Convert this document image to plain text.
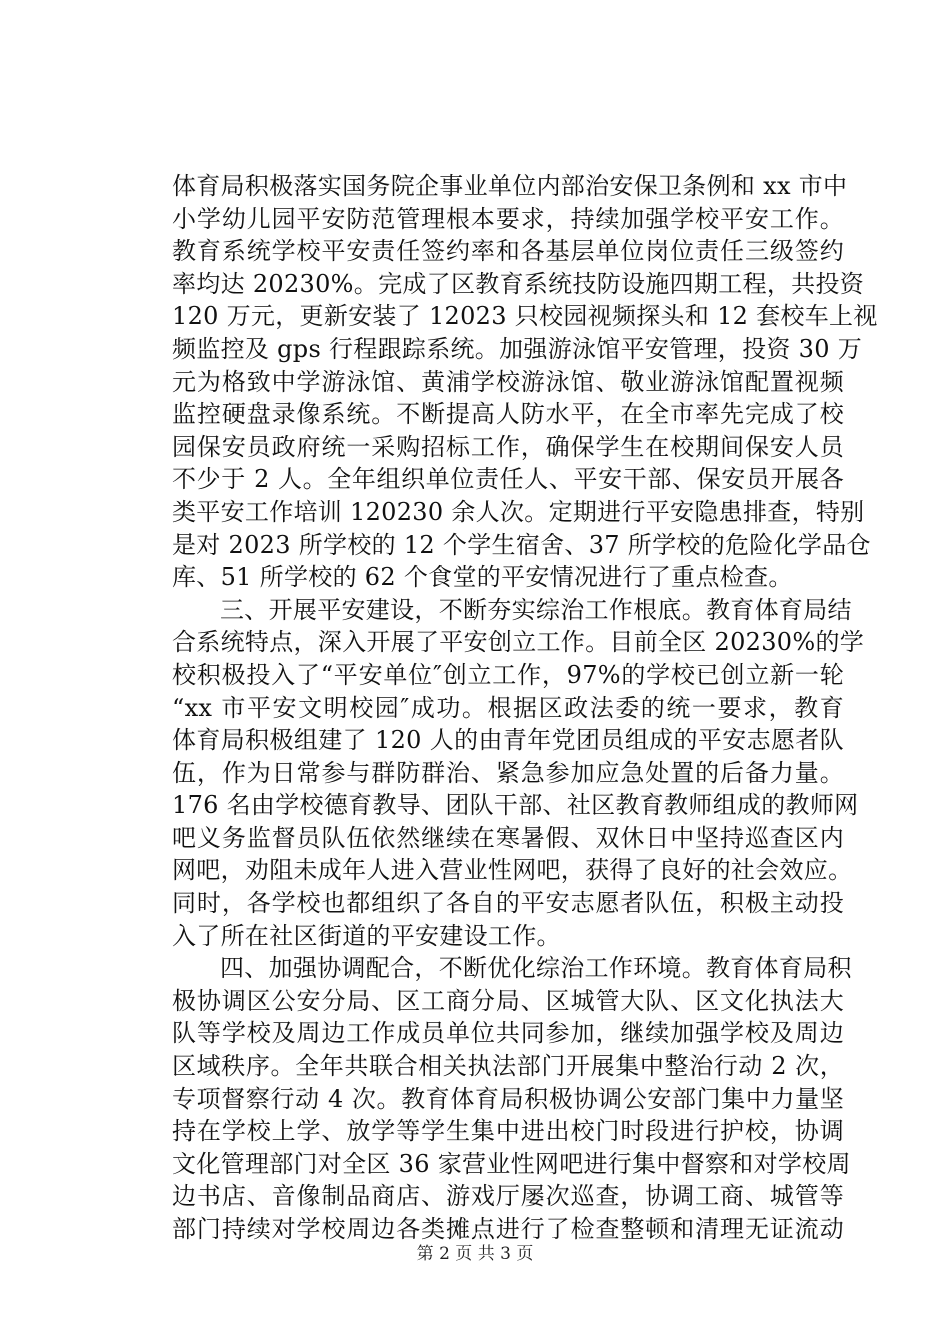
体育局积极落实国务院企事业单位内部治安保卫条例和 xx 市中
小学幼儿园平安防范管理根本要求，持续加强学校平安工作。
教育系统学校平安责任签约率和各基层单位岗位责任三级签约
率均达 20230%。完成了区教育系统技防设施四期工程，共投资
120 万元，更新安装了 12023 只校园视频探头和 12 套校车上视
频监控及 gps 行程跟踪系统。加强游泳馆平安管理，投资 30 万
元为格致中学游泳馆、黄浦学校游泳馆、敬业游泳馆配置视频
监控硬盘录像系统。不断提高人防水平，在全市率先完成了校
园保安员政府统一采购招标工作，确保学生在校期间保安人员
不少于 2 人。全年组织单位责任人、平安干部、保安员开展各
类平安工作培训 120230 余人次。定期进行平安隐患排查，特别
是对 2023 所学校的 12 个学生宿舍、37 所学校的危险化学品仓
库、51 所学校的 62 个食堂的平安情况进行了重点检查。
三、开展平安建设，不断夯实综治工作根底。教育体育局结
合系统特点，深入开展了平安创立工作。目前全区 20230%的学
校积极投入了“平安单位″创立工作，97%的学校已创立新一轮
“xx 市平安文明校园″成功。根据区政法委的统一要求，教育
体育局积极组建了 120 人的由青年党团员组成的平安志愿者队
伍，作为日常参与群防群治、紧急参加应急处置的后备力量。
176 名由学校德育教导、团队干部、社区教育教师组成的教师网
吧义务监督员队伍依然继续在寒暑假、双休日中坚持巡查区内
网吧，劝阻未成年人进入营业性网吧，获得了良好的社会效应。
同时，各学校也都组织了各自的平安志愿者队伍，积极主动投
入了所在社区街道的平安建设工作。
四、加强协调配合，不断优化综治工作环境。教育体育局积
极协调区公安分局、区工商分局、区城管大队、区文化执法大
队等学校及周边工作成员单位共同参加，继续加强学校及周边
区域秩序。全年共联合相关执法部门开展集中整治行动 2 次，
专项督察行动 4 次。教育体育局积极协调公安部门集中力量坚
持在学校上学、放学等学生集中进出校门时段进行护校，协调
文化管理部门对全区 36 家营业性网吧进行集中督察和对学校周
边书店、音像制品商店、游戏厅屡次巡查，协调工商、城管等
部门持续对学校周边各类摊点进行了检查整顿和清理无证流动
第 2 页 共 3 页
